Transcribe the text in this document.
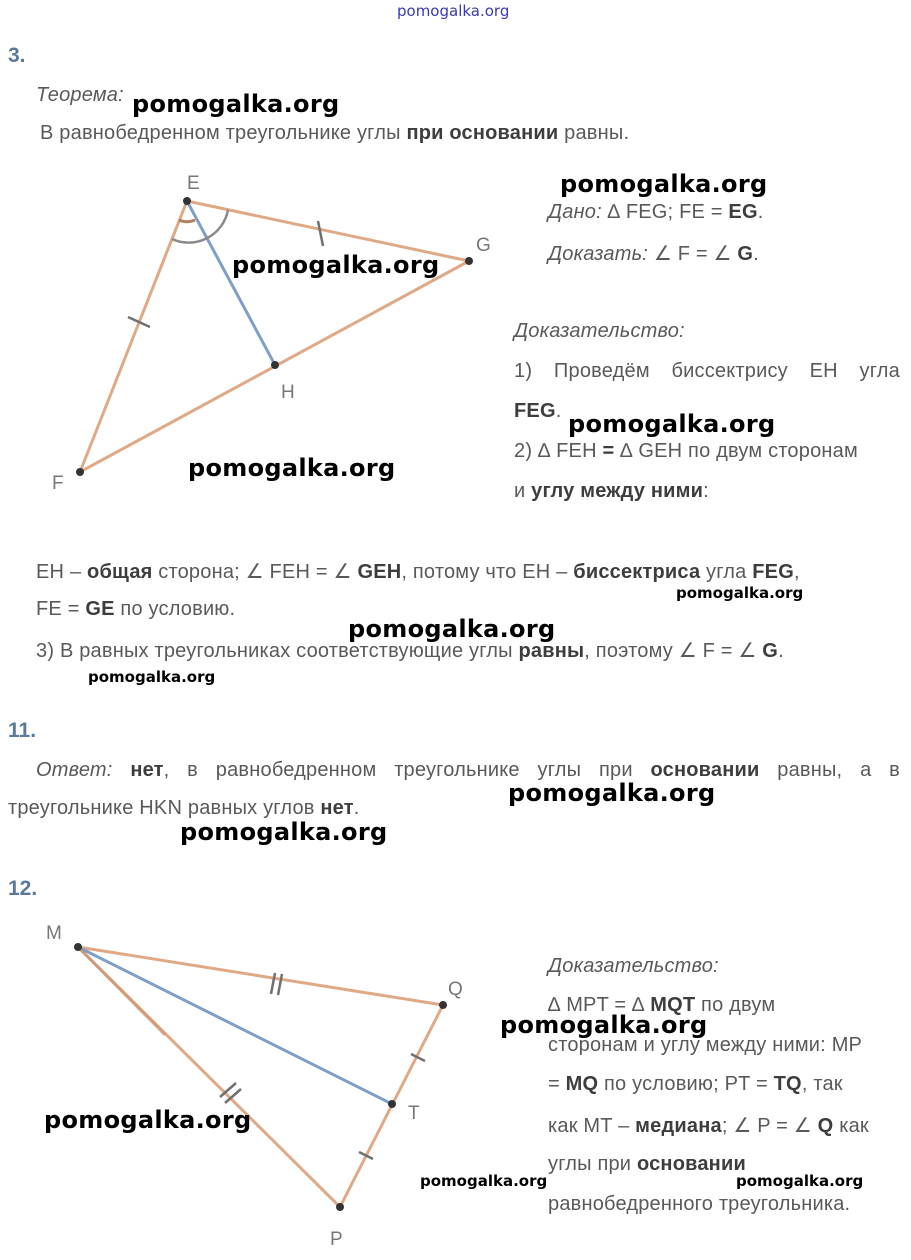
pomogalka.org
3.
Теорема: pomogalka.org
В равнобедренном треугольнике углы при основании равны.
E
G
H
F
pomogalka.org
pomogalka.org
pomogalka.org
Дано: ∆ FEG; FE = EG.
Доказать: ∠ F = ∠ G.
Доказательство:
1) Проведём биссектрису EH угла
FEG. pomogalka.org
2) ∆ FEH = ∆ GEH по двум сторонам
и углу между ними:
EH – общая сторона; ∠ FEH = ∠ GEH, потому что EH – биссектриса угла FEG,
FE = GE по условию.
pomogalka.org
pomogalka.org
3) В равных треугольниках соответствующие углы равны, поэтому ∠ F = ∠ G.
pomogalka.org
11.
Ответ: нет, в равнобедренном треугольнике углы при основании равны, а в
треугольнике HKN равных углов нет.
pomogalka.org
pomogalka.org
12.
M
Q
T
P
pomogalka.org
Доказательство:
∆ MPT = ∆ MQT по двум
pomogalka.org
сторонам и углу между ними: MP
= MQ по условию; PT = TQ, так
как MT – медиана; ∠ P = ∠ Q как
углы при основании
pomogalka.org	pomogalka.org
равнобедренного треугольника.
